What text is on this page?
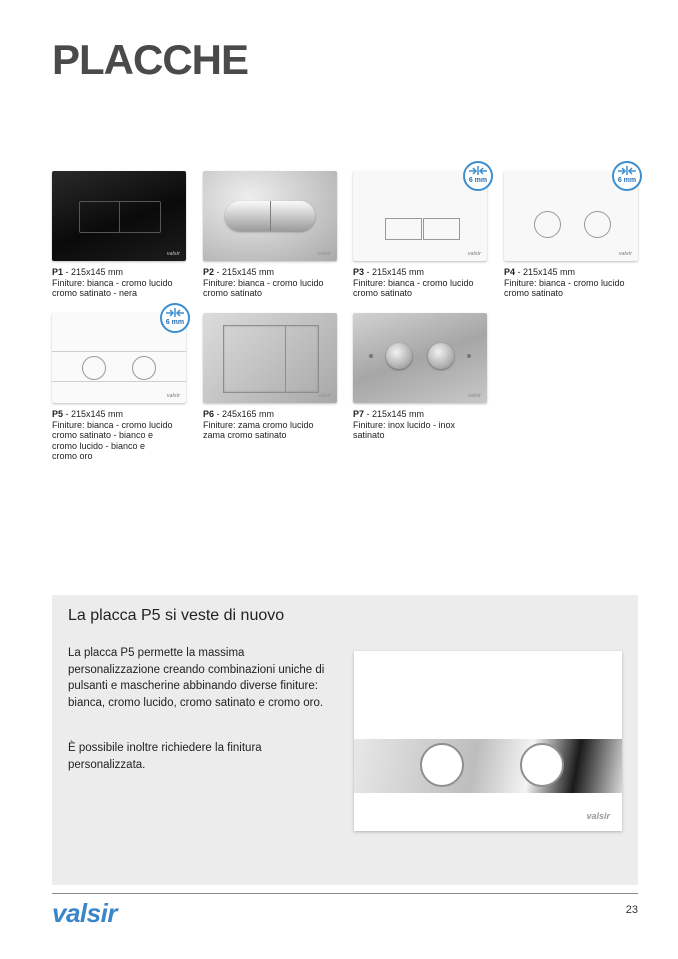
PLACCHE
valsir
P1 - 215x145 mm
Finiture: bianca - cromo lucido
cromo satinato - nera
valsir
P2 - 215x145 mm
Finiture: bianca - cromo lucido
cromo satinato
valsir
6 mm
P3 - 215x145 mm
Finiture: bianca - cromo lucido
cromo satinato
valsir
6 mm
P4 - 215x145 mm
Finiture: bianca - cromo lucido
cromo satinato
valsir
6 mm
P5 - 215x145 mm
Finiture: bianca - cromo lucido
cromo satinato - bianco e
cromo lucido - bianco e
cromo oro
valsir
P6 - 245x165 mm
Finiture: zama cromo lucido
zama cromo satinato
valsir
P7 - 215x145 mm
Finiture: inox lucido - inox
satinato
La placca P5 si veste di nuovo

La placca P5 permette la massima personalizzazione creando combinazioni uniche di pulsanti e mascherine abbinando diverse finiture: bianca, cromo lucido, cromo satinato e cromo oro.

È possibile inoltre richiedere la finitura personalizzata.

valsir
valsir	23
